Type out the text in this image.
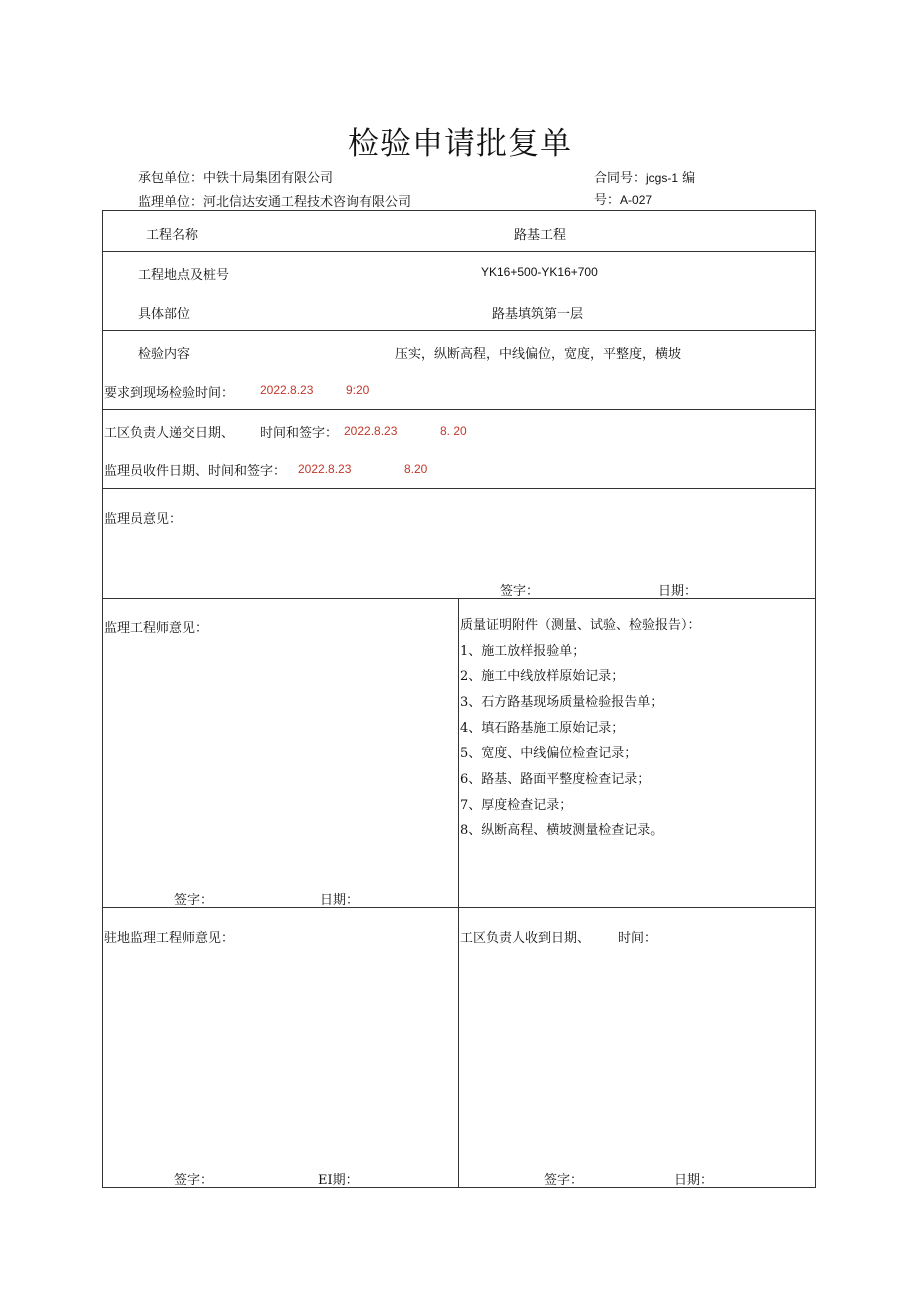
检验申请批复单
承包单位：中铁十局集团有限公司
监理单位：河北信达安通工程技术咨询有限公司
合同号：jcgs-1 编
号：A-027
工程名称	路基工程
工程地点及桩号	YK16+500-YK16+700
具体部位	路基填筑第一层
检验内容	压实，纵断高程，中线偏位，宽度，平整度，横坡
要求到现场检验时间： 2022.8.23	9:20
工区负责人递交日期、 时间和签字： 2022.8.23	8. 20
监理员收件日期、时间和签字： 2022.8.23	8.20
监理员意见：
签字：	日期：
监理工程师意见：
签字：	日期：
质量证明附件（测量、试验、检验报告）：
1、施工放样报验单；
2、施工中线放样原始记录；
3、石方路基现场质量检验报告单；
4、填石路基施工原始记录；
5、宽度、中线偏位检查记录；
6、路基、路面平整度检查记录；
7、厚度检查记录；
8、纵断高程、横坡测量检查记录。
驻地监理工程师意见：
签字：	EI期：
工区负责人收到日期、 时间：
签字：	日期：
